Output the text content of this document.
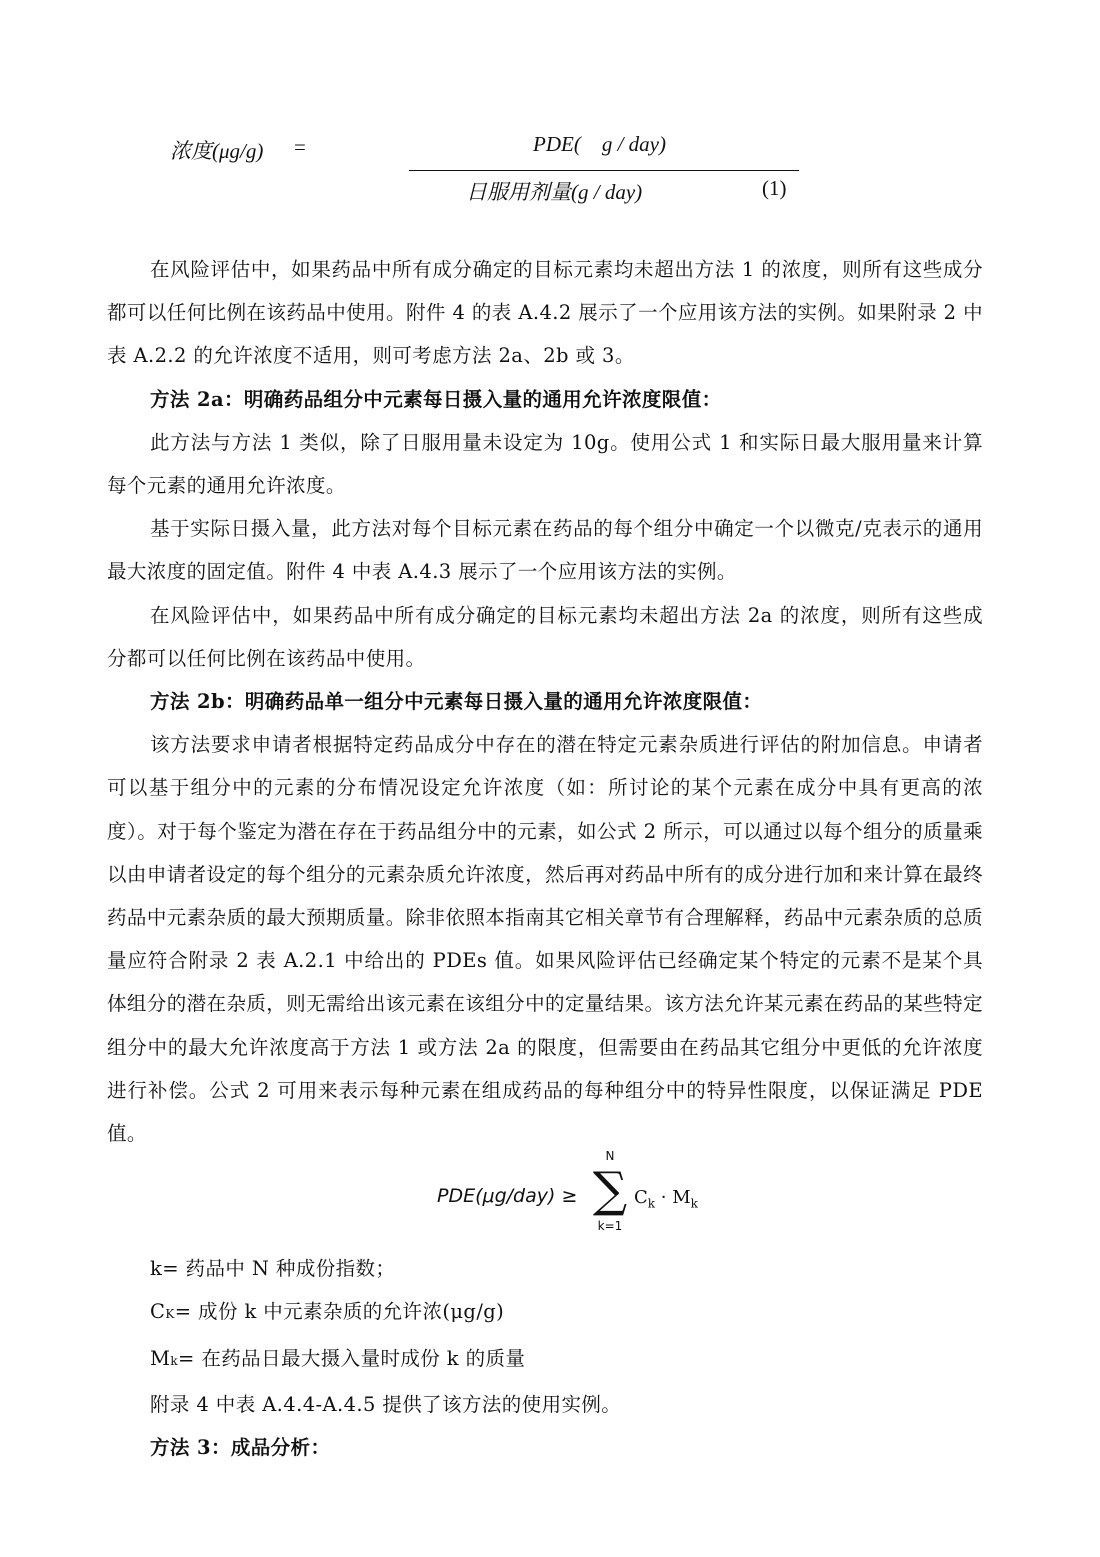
浓度(μg/g) =	PDE(    g / day)
日服用剂量(g / day)	(1)

在风险评估中，如果药品中所有成分确定的目标元素均未超出方法 1 的浓度，则所有这些成分都可以任何比例在该药品中使用。附件 4 的表 A.4.2 展示了一个应用该方法的实例。如果附录 2 中表 A.2.2 的允许浓度不适用，则可考虑方法 2a、2b 或 3。

方法 2a：明确药品组分中元素每日摄入量的通用允许浓度限值：

此方法与方法 1 类似，除了日服用量未设定为 10g。使用公式 1 和实际日最大服用量来计算每个元素的通用允许浓度。

基于实际日摄入量，此方法对每个目标元素在药品的每个组分中确定一个以微克/克表示的通用最大浓度的固定值。附件 4 中表 A.4.3 展示了一个应用该方法的实例。

在风险评估中，如果药品中所有成分确定的目标元素均未超出方法 2a 的浓度，则所有这些成分都可以任何比例在该药品中使用。

方法 2b：明确药品单一组分中元素每日摄入量的通用允许浓度限值：

该方法要求申请者根据特定药品成分中存在的潜在特定元素杂质进行评估的附加信息。申请者可以基于组分中的元素的分布情况设定允许浓度（如：所讨论的某个元素在成分中具有更高的浓度）。对于每个鉴定为潜在存在于药品组分中的元素，如公式 2 所示，可以通过以每个组分的质量乘以由申请者设定的每个组分的元素杂质允许浓度，然后再对药品中所有的成分进行加和来计算在最终药品中元素杂质的最大预期质量。除非依照本指南其它相关章节有合理解释，药品中元素杂质的总质量应符合附录 2 表 A.2.1 中给出的 PDEs 值。如果风险评估已经确定某个特定的元素不是某个具体组分的潜在杂质，则无需给出该元素在该组分中的定量结果。该方法允许某元素在药品的某些特定组分中的最大允许浓度高于方法 1 或方法 2a 的限度，但需要由在药品其它组分中更低的允许浓度进行补偿。公式 2 可用来表示每种元素在组成药品的每种组分中的特异性限度，以保证满足 PDE 值。

PDE(μg/day) ≥
N
∑
k=1
$C_k \cdot M_k$

k= 药品中 N 种成份指数；

CK= 成份 k 中元素杂质的允许浓(μg/g)

Mk= 在药品日最大摄入量时成份 k 的质量

附录 4 中表 A.4.4-A.4.5 提供了该方法的使用实例。

方法 3：成品分析：
